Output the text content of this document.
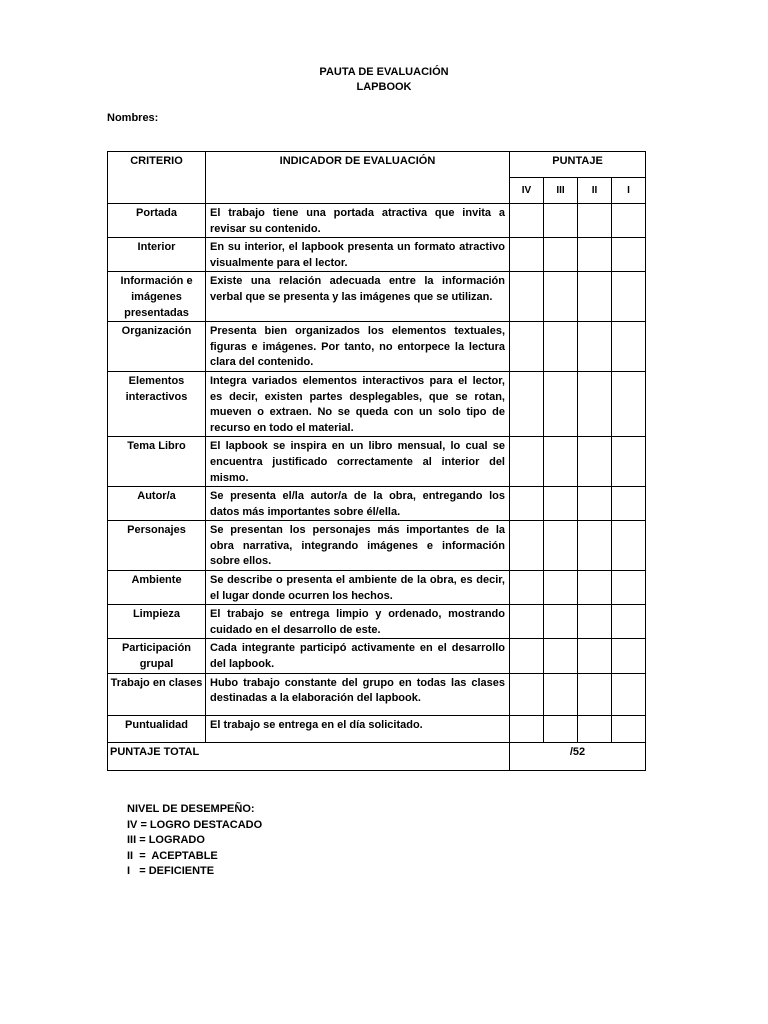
PAUTA DE EVALUACIÓN
LAPBOOK
Nombres:
CRITERIO	INDICADOR DE EVALUACIÓN	PUNTAJE			
		IV	III	II	I
Portada	El trabajo tiene una portada atractiva que invita a revisar su contenido.				
Interior	En su interior, el lapbook presenta un formato atractivo visualmente para el lector.				
Información e imágenes presentadas	Existe una relación adecuada entre la información verbal que se presenta y las imágenes que se utilizan.				
Organización	Presenta bien organizados los elementos textuales, figuras e imágenes. Por tanto, no entorpece la lectura clara del contenido.				
Elementos interactivos	Integra variados elementos interactivos para el lector, es decir, existen partes desplegables, que se rotan, mueven o extraen. No se queda con un solo tipo de recurso en todo el material.				
Tema Libro	El lapbook se inspira en un libro mensual, lo cual se encuentra justificado correctamente al interior del mismo.				
Autor/a	Se presenta el/la autor/a de la obra, entregando los datos más importantes sobre él/ella.				
Personajes	Se presentan los personajes más importantes de la obra narrativa, integrando imágenes e información sobre ellos.				
Ambiente	Se describe o presenta el ambiente de la obra, es decir, el lugar donde ocurren los hechos.				
Limpieza	El trabajo se entrega limpio y ordenado, mostrando cuidado en el desarrollo de este.				
Participación grupal	Cada integrante participó activamente en el desarrollo del lapbook.				
Trabajo en clases	Hubo trabajo constante del grupo en todas las clases destinadas a la elaboración del lapbook.				
Puntualidad	El trabajo se entrega en el día solicitado.				
PUNTAJE TOTAL		/52			
NIVEL DE DESEMPEÑO:
IV = LOGRO DESTACADO
III = LOGRADO
II  =  ACEPTABLE
I   = DEFICIENTE
